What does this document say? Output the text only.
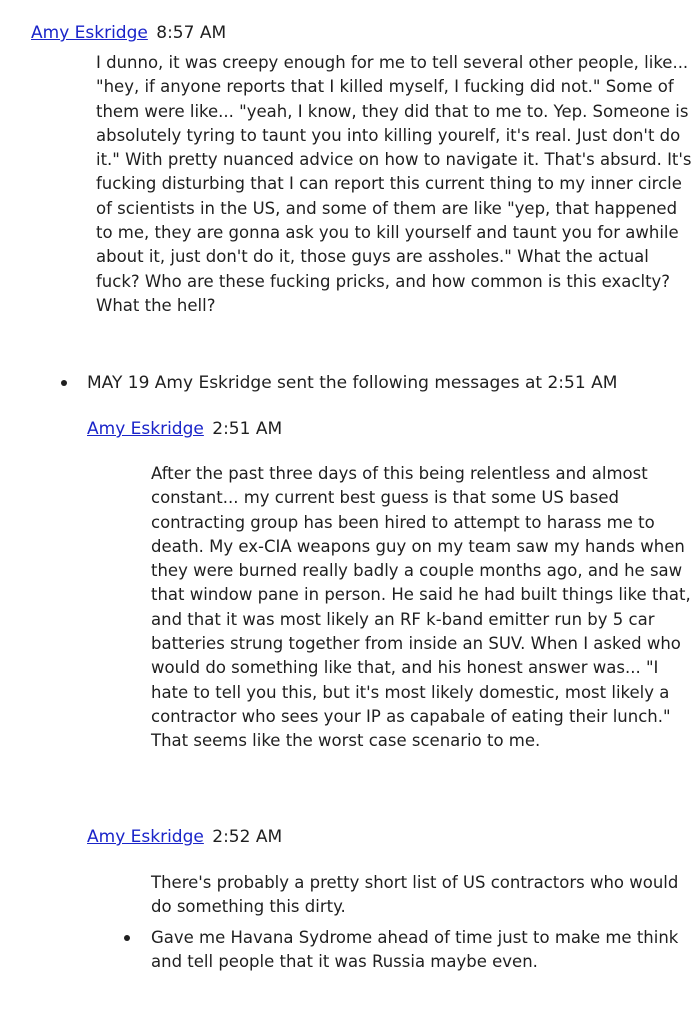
Amy Eskridge 8:57 AM

I dunno, it was creepy enough for me to tell several other people, like... "hey, if anyone reports that I killed myself, I fucking did not." Some of them were like... "yeah, I know, they did that to me to. Yep. Someone is absolutely tyring to taunt you into killing yourelf, it's real. Just don't do it." With pretty nuanced advice on how to navigate it. That's absurd. It's fucking disturbing that I can report this current thing to my inner circle of scientists in the US, and some of them are like "yep, that happened to me, they are gonna ask you to kill yourself and taunt you for awhile about it, just don't do it, those guys are assholes." What the actual fuck? Who are these fucking pricks, and how common is this exaclty? What the hell?

MAY 19 Amy Eskridge sent the following messages at 2:51 AM
Amy Eskridge 2:51 AM

After the past three days of this being relentless and almost constant... my current best guess is that some US based contracting group has been hired to attempt to harass me to death. My ex-CIA weapons guy on my team saw my hands when they were burned really badly a couple months ago, and he saw that window pane in person. He said he had built things like that, and that it was most likely an RF k-band emitter run by 5 car batteries strung together from inside an SUV. When I asked who would do something like that, and his honest answer was... "I hate to tell you this, but it's most likely domestic, most likely a contractor who sees your IP as capabale of eating their lunch." That seems like the worst case scenario to me.

Amy Eskridge 2:52 AM

There's probably a pretty short list of US contractors who would do something this dirty.

Gave me Havana Sydrome ahead of time just to make me think and tell people that it was Russia maybe even.
